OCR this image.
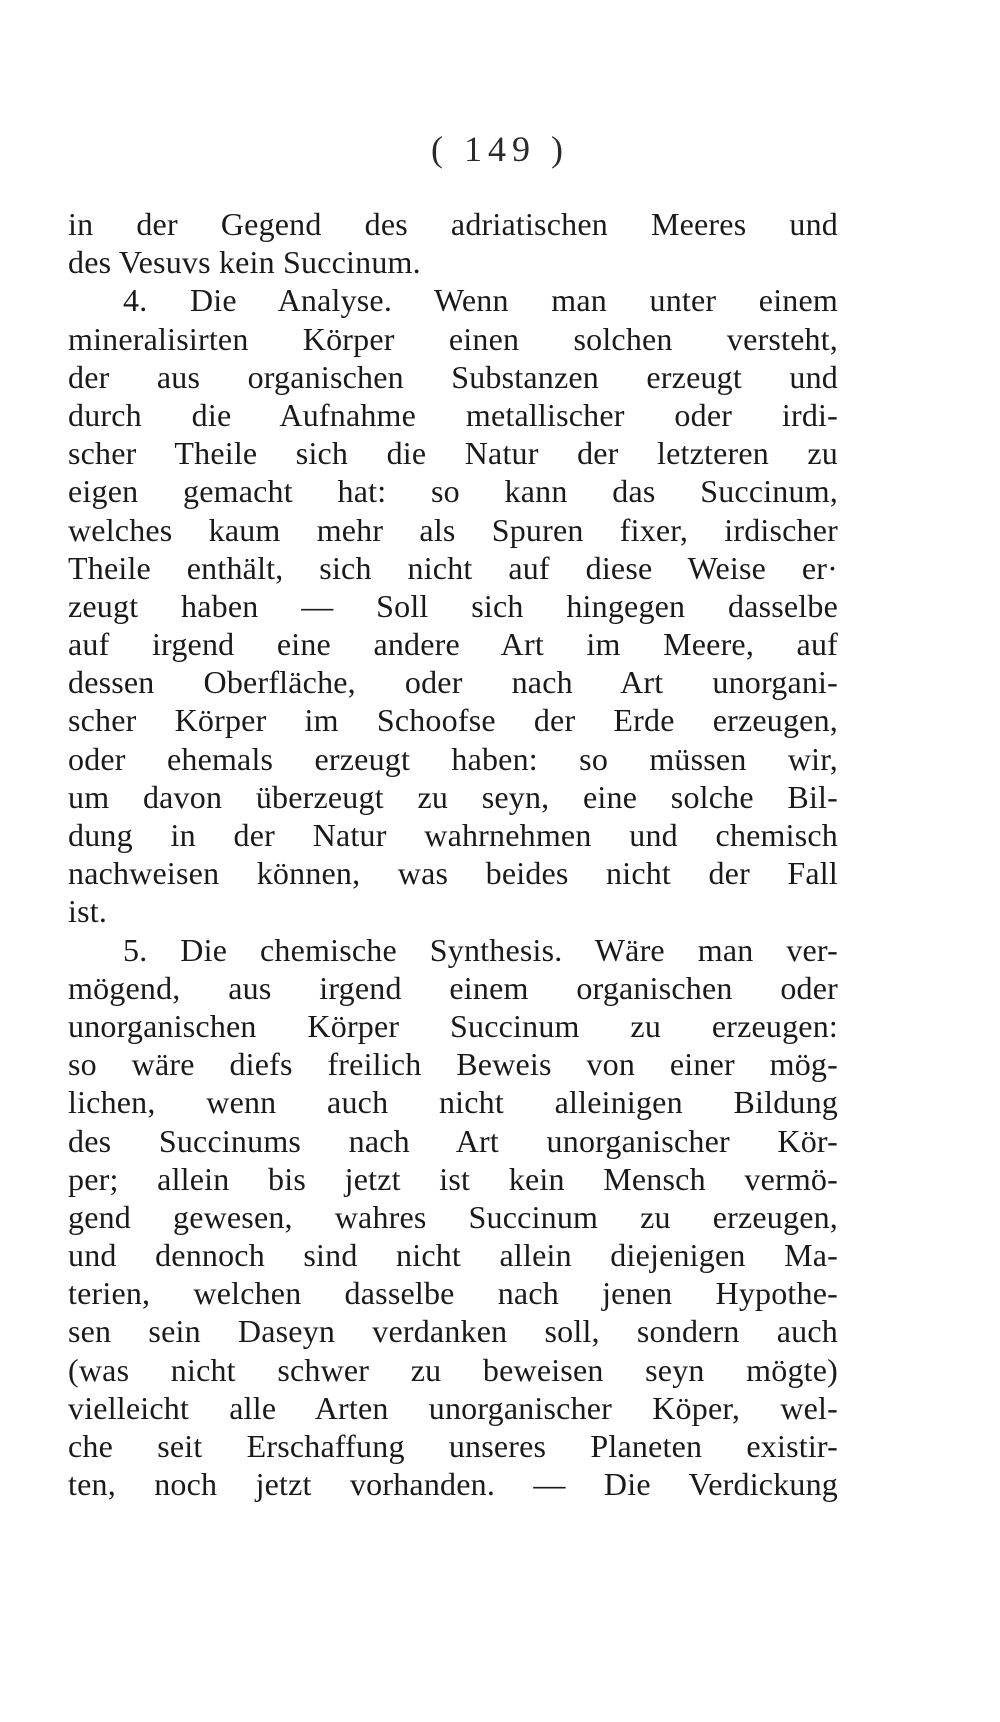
( 149 )
in der Gegend des adriatischen Meeres und
des Vesuvs kein Succinum.
4. Die Analyse. Wenn man unter einem
mineralisirten Körper einen solchen versteht,
der aus organischen Substanzen erzeugt und
durch die Aufnahme metallischer oder irdi-
scher Theile sich die Natur der letzteren zu
eigen gemacht hat: so kann das Succinum,
welches kaum mehr als Spuren fixer, irdischer
Theile enthält, sich nicht auf diese Weise er·
zeugt haben — Soll sich hingegen dasselbe
auf irgend eine andere Art im Meere, auf
dessen Oberfläche, oder nach Art unorgani-
scher Körper im Schoofse der Erde erzeugen,
oder ehemals erzeugt haben: so müssen wir,
um davon überzeugt zu seyn, eine solche Bil-
dung in der Natur wahrnehmen und chemisch
nachweisen können, was beides nicht der Fall
ist.
5. Die chemische Synthesis. Wäre man ver-
mögend, aus irgend einem organischen oder
unorganischen Körper Succinum zu erzeugen:
so wäre diefs freilich Beweis von einer mög-
lichen, wenn auch nicht alleinigen Bildung
des Succinums nach Art unorganischer Kör-
per; allein bis jetzt ist kein Mensch vermö-
gend gewesen, wahres Succinum zu erzeugen,
und dennoch sind nicht allein diejenigen Ma-
terien, welchen dasselbe nach jenen Hypothe-
sen sein Daseyn verdanken soll, sondern auch
(was nicht schwer zu beweisen seyn mögte)
vielleicht alle Arten unorganischer Köper, wel-
che seit Erschaffung unseres Planeten existir-
ten, noch jetzt vorhanden. — Die Verdickung
